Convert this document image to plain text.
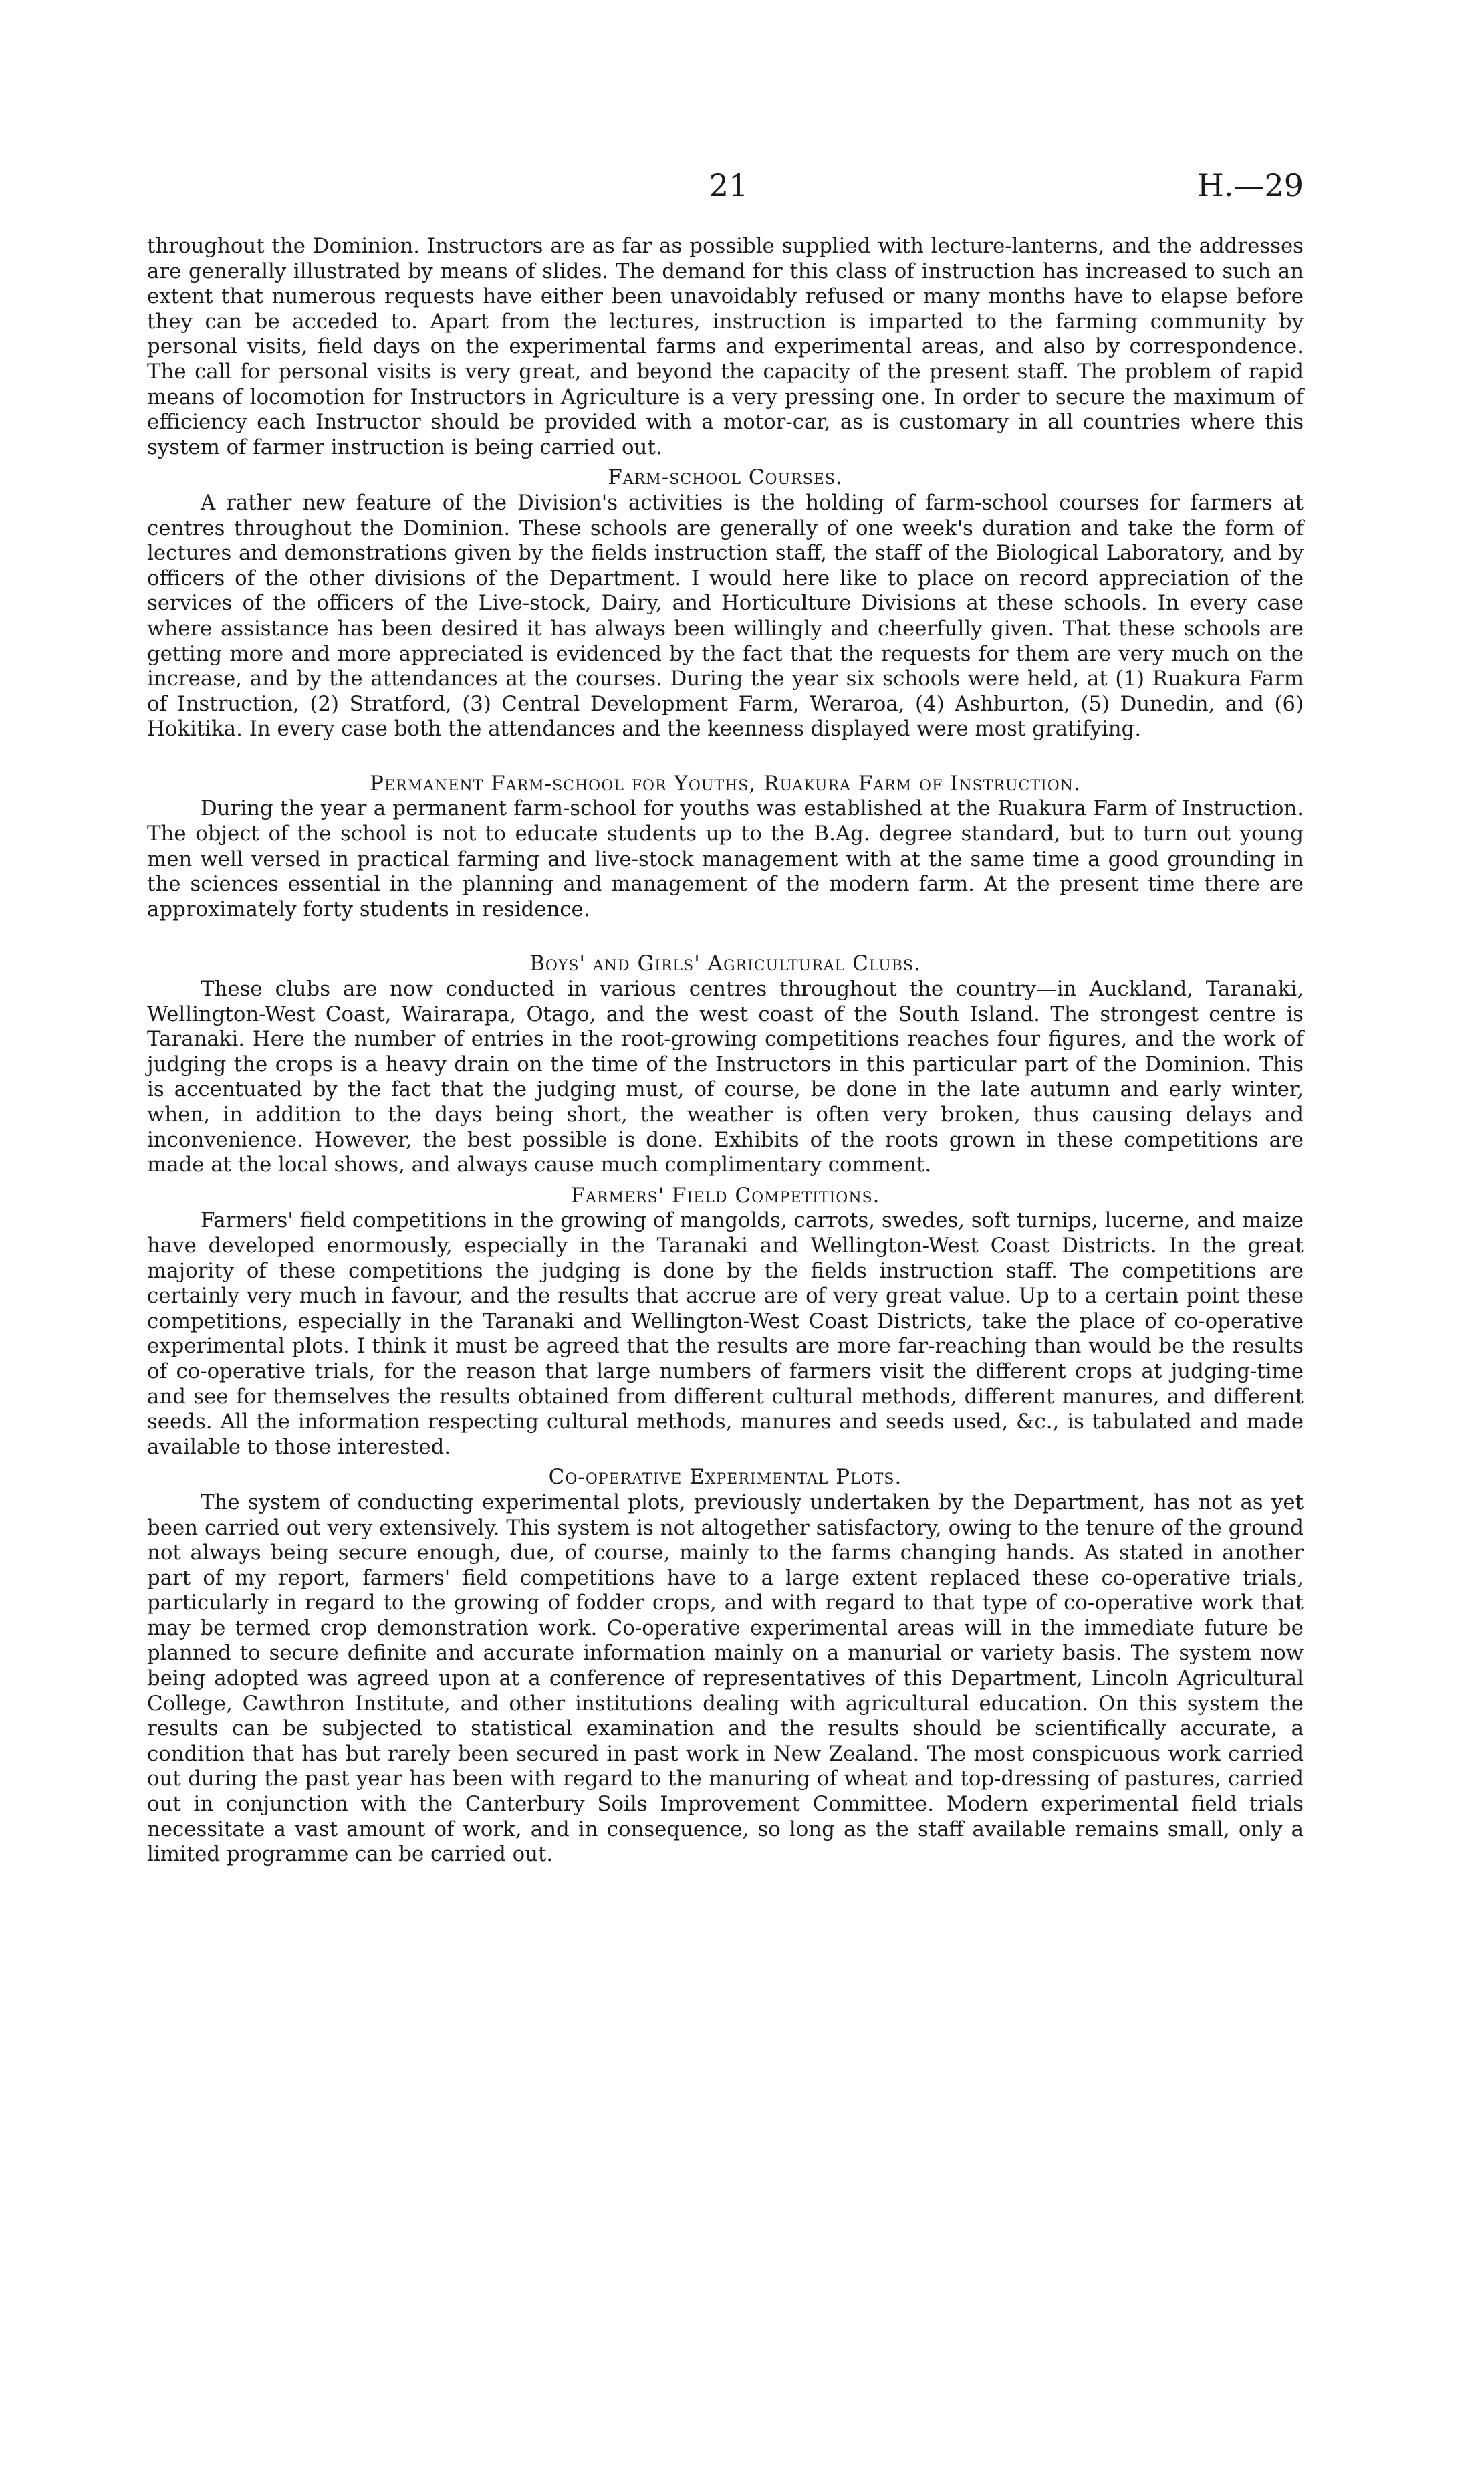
21	H.—29

throughout the Dominion. Instructors are as far as possible supplied with lecture-lanterns, and the addresses are generally illustrated by means of slides. The demand for this class of instruction has increased to such an extent that numerous requests have either been unavoidably refused or many months have to elapse before they can be acceded to. Apart from the lectures, instruction is imparted to the farming community by personal visits, field days on the experimental farms and experimental areas, and also by correspondence. The call for personal visits is very great, and beyond the capacity of the present staff. The problem of rapid means of locomotion for Instructors in Agriculture is a very pressing one. In order to secure the maximum of efficiency each Instructor should be provided with a motor-car, as is customary in all countries where this system of farmer instruction is being carried out.

Farm-school Courses.

A rather new feature of the Division's activities is the holding of farm-school courses for farmers at centres throughout the Dominion. These schools are generally of one week's duration and take the form of lectures and demonstrations given by the fields instruction staff, the staff of the Biological Laboratory, and by officers of the other divisions of the Department. I would here like to place on record appreciation of the services of the officers of the Live-stock, Dairy, and Horticulture Divisions at these schools. In every case where assistance has been desired it has always been willingly and cheerfully given. That these schools are getting more and more appreciated is evidenced by the fact that the requests for them are very much on the increase, and by the attendances at the courses. During the year six schools were held, at (1) Ruakura Farm of Instruction, (2) Stratford, (3) Central Development Farm, Weraroa, (4) Ashburton, (5) Dunedin, and (6) Hokitika. In every case both the attendances and the keenness displayed were most gratifying.

Permanent Farm-school for Youths, Ruakura Farm of Instruction.

During the year a permanent farm-school for youths was established at the Ruakura Farm of Instruction. The object of the school is not to educate students up to the B.Ag. degree standard, but to turn out young men well versed in practical farming and live-stock management with at the same time a good grounding in the sciences essential in the planning and management of the modern farm. At the present time there are approximately forty students in residence.

Boys' and Girls' Agricultural Clubs.

These clubs are now conducted in various centres throughout the country—in Auckland, Taranaki, Wellington-West Coast, Wairarapa, Otago, and the west coast of the South Island. The strongest centre is Taranaki. Here the number of entries in the root-growing competitions reaches four figures, and the work of judging the crops is a heavy drain on the time of the Instructors in this particular part of the Dominion. This is accentuated by the fact that the judging must, of course, be done in the late autumn and early winter, when, in addition to the days being short, the weather is often very broken, thus causing delays and inconvenience. However, the best possible is done. Exhibits of the roots grown in these competitions are made at the local shows, and always cause much complimentary comment.

Farmers' Field Competitions.

Farmers' field competitions in the growing of mangolds, carrots, swedes, soft turnips, lucerne, and maize have developed enormously, especially in the Taranaki and Wellington-West Coast Districts. In the great majority of these competitions the judging is done by the fields instruction staff. The competitions are certainly very much in favour, and the results that accrue are of very great value. Up to a certain point these competitions, especially in the Taranaki and Wellington-West Coast Districts, take the place of co-operative experimental plots. I think it must be agreed that the results are more far-reaching than would be the results of co-operative trials, for the reason that large numbers of farmers visit the different crops at judging-time and see for themselves the results obtained from different cultural methods, different manures, and different seeds. All the information respecting cultural methods, manures and seeds used, &c., is tabulated and made available to those interested.

Co-operative Experimental Plots.

The system of conducting experimental plots, previously undertaken by the Department, has not as yet been carried out very extensively. This system is not altogether satisfactory, owing to the tenure of the ground not always being secure enough, due, of course, mainly to the farms changing hands. As stated in another part of my report, farmers' field competitions have to a large extent replaced these co-operative trials, particularly in regard to the growing of fodder crops, and with regard to that type of co-operative work that may be termed crop demonstration work. Co-operative experimental areas will in the immediate future be planned to secure definite and accurate information mainly on a manurial or variety basis. The system now being adopted was agreed upon at a conference of representatives of this Department, Lincoln Agricultural College, Cawthron Institute, and other institutions dealing with agricultural education. On this system the results can be subjected to statistical examination and the results should be scientifically accurate, a condition that has but rarely been secured in past work in New Zealand. The most conspicuous work carried out during the past year has been with regard to the manuring of wheat and top-dressing of pastures, carried out in conjunction with the Canterbury Soils Improvement Committee. Modern experimental field trials necessitate a vast amount of work, and in consequence, so long as the staff available remains small, only a limited programme can be carried out.
